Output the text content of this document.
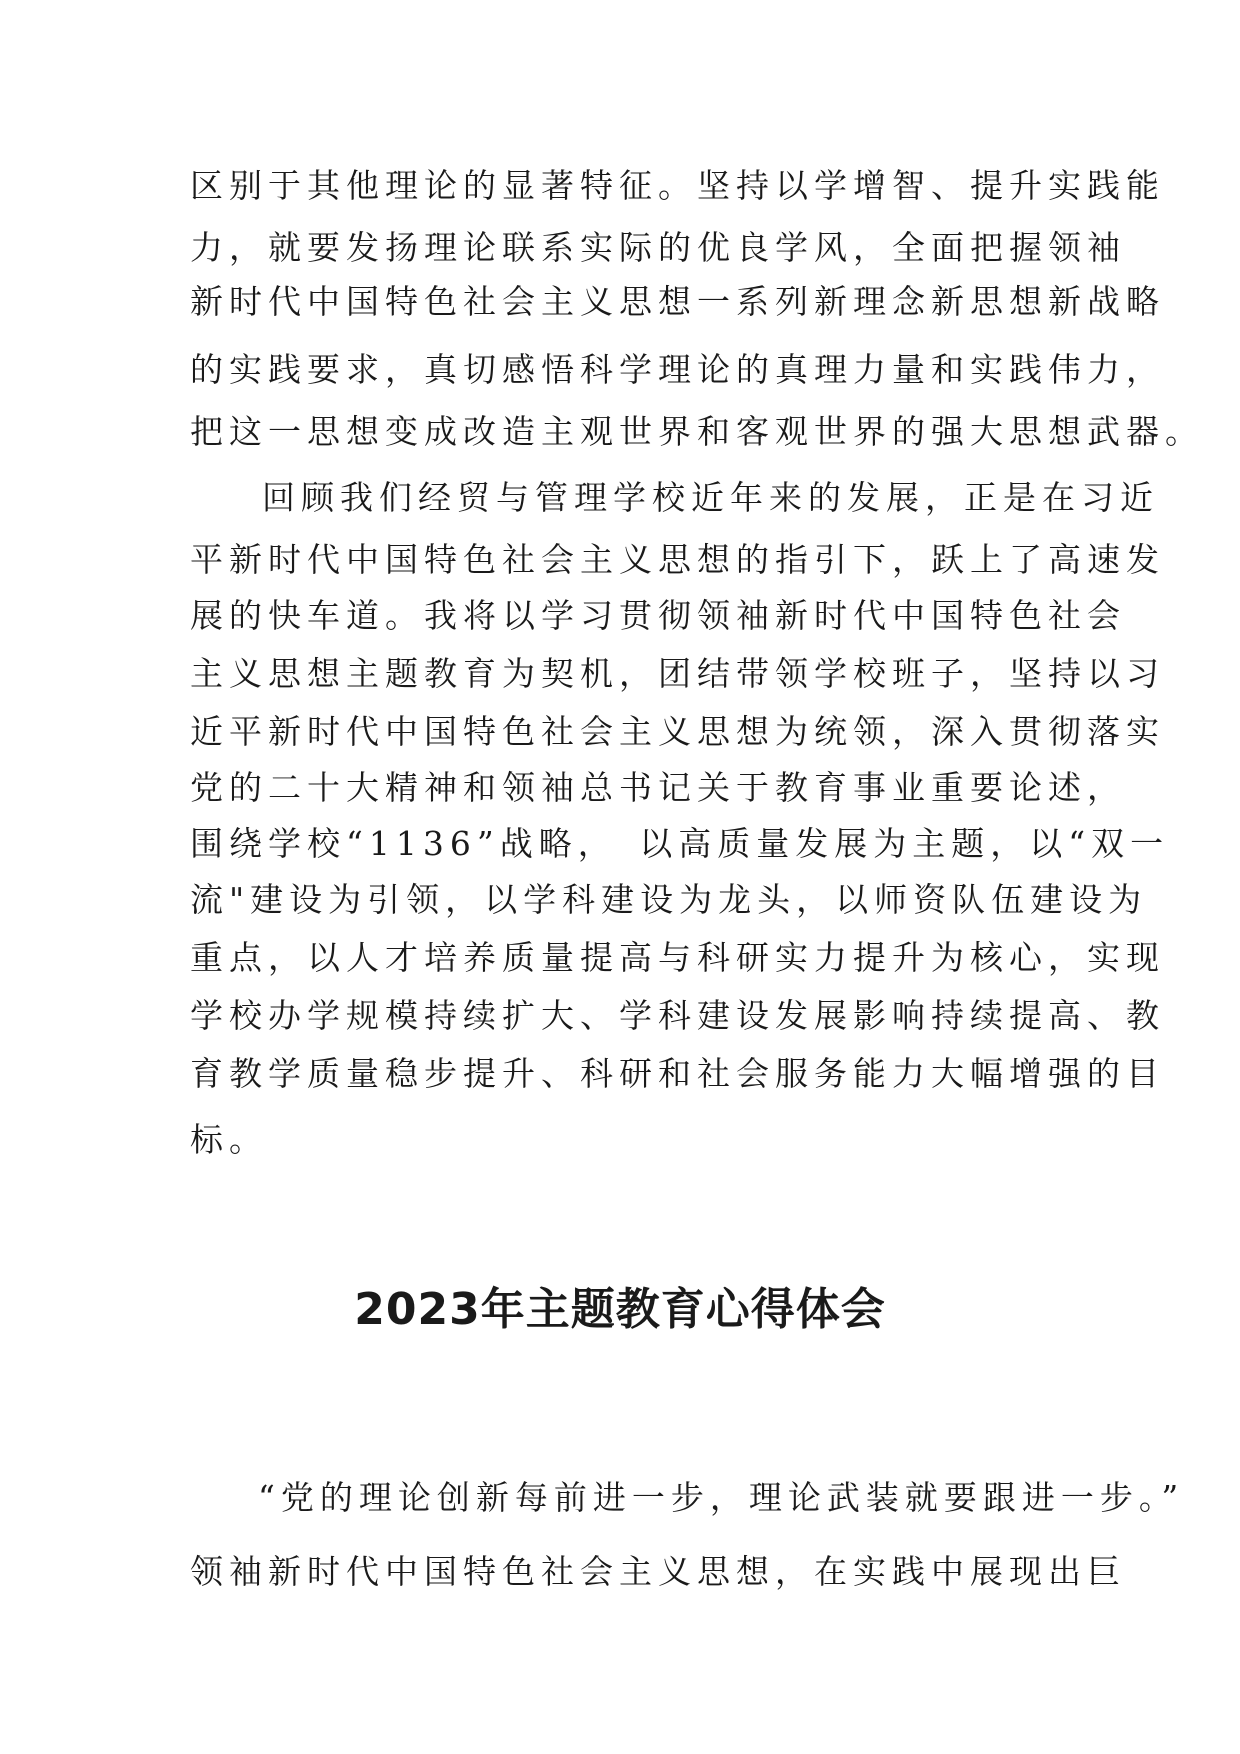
区别于其他理论的显著特征。坚持以学增智、提升实践能
力，就要发扬理论联系实际的优良学风，全面把握领袖
新时代中国特色社会主义思想一系列新理念新思想新战略
的实践要求，真切感悟科学理论的真理力量和实践伟力，
把这一思想变成改造主观世界和客观世界的强大思想武器。
回顾我们经贸与管理学校近年来的发展，正是在习近
平新时代中国特色社会主义思想的指引下，跃上了高速发
展的快车道。我将以学习贯彻领袖新时代中国特色社会
主义思想主题教育为契机，团结带领学校班子，坚持以习
近平新时代中国特色社会主义思想为统领，深入贯彻落实
党的二十大精神和领袖总书记关于教育事业重要论述，
围绕学校“1136”战略，　以高质量发展为主题，以“双一
流"建设为引领，以学科建设为龙头，以师资队伍建设为
重点，以人才培养质量提高与科研实力提升为核心，实现
学校办学规模持续扩大、学科建设发展影响持续提高、教
育教学质量稳步提升、科研和社会服务能力大幅增强的目
标。
2023年主题教育心得体会
“党的理论创新每前进一步，理论武装就要跟进一步。”
领袖新时代中国特色社会主义思想，在实践中展现出巨
